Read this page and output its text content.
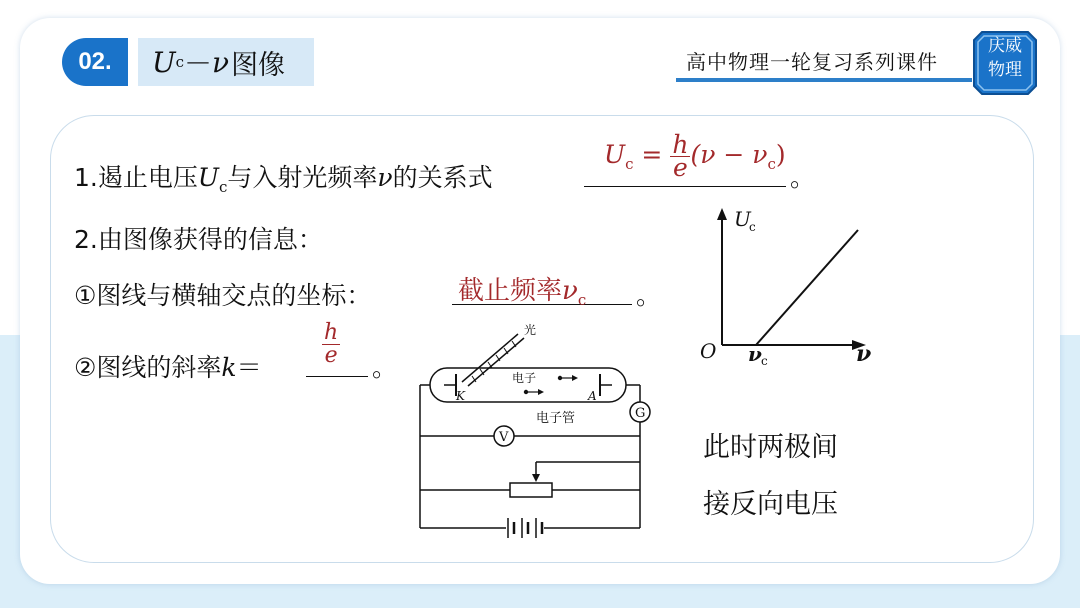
02.	U c － ν 图像	高中物理一轮复习系列课件
庆威
物理
1.遏止电压$U_c$与入射光频率ν的关系式	。
$U_c = \frac{h}{e} (\nu - \nu_c)$
2.由图像获得的信息：
①图线与横轴交点的坐标：	。
截止频率$\nu_c$
②图线的斜率k＝	。
$\frac{h}{e}$
U
c
O ν c	ν
光
电子
K	A
电子管	G
V	此时两极间
接反向电压
